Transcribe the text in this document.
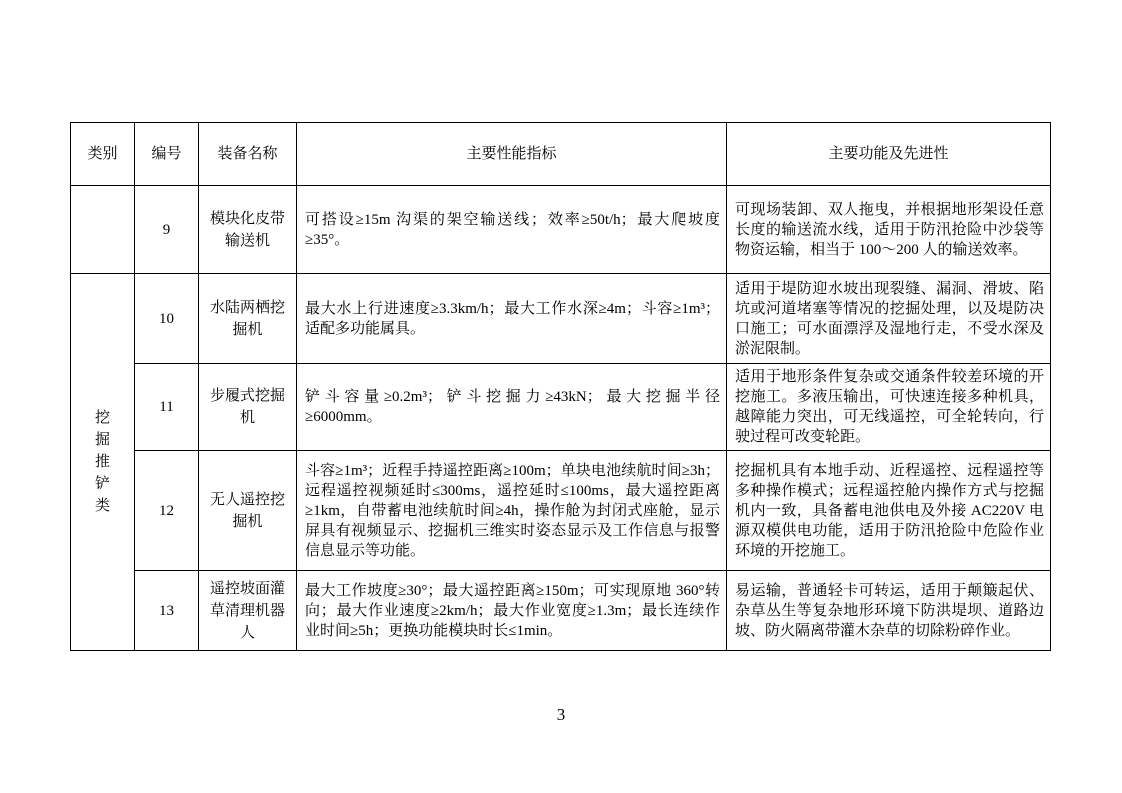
类别	编号	装备名称	主要性能指标	主要功能及先进性
	9	模块化皮带输送机	可搭设≥15m 沟渠的架空输送线；效率≥50t/h；最大爬坡度≥35°。	可现场装卸、双人拖曳，并根据地形架设任意长度的输送流水线，适用于防汛抢险中沙袋等物资运输，相当于 100～200 人的输送效率。

挖掘推铲类	10	水陆两栖挖掘机	最大水上行进速度≥3.3km/h；最大工作水深≥4m；斗容≥1m³；适配多功能属具。	适用于堤防迎水坡出现裂缝、漏洞、滑坡、陷坑或河道堵塞等情况的挖掘处理，以及堤防决口施工；可水面漂浮及湿地行走，不受水深及淤泥限制。
	11	步履式挖掘机	铲斗容量≥0.2m³；铲斗挖掘力≥43kN；最大挖掘半径≥6000mm。	适用于地形条件复杂或交通条件较差环境的开挖施工。多液压输出，可快速连接多种机具，越障能力突出，可无线遥控，可全轮转向，行驶过程可改变轮距。
	12	无人遥控挖掘机	斗容≥1m³；近程手持遥控距离≥100m；单块电池续航时间≥3h；远程遥控视频延时≤300ms，遥控延时≤100ms，最大遥控距离≥1km，自带蓄电池续航时间≥4h，操作舱为封闭式座舱，显示屏具有视频显示、挖掘机三维实时姿态显示及工作信息与报警信息显示等功能。	挖掘机具有本地手动、近程遥控、远程遥控等多种操作模式；远程遥控舱内操作方式与挖掘机内一致，具备蓄电池供电及外接 AC220V 电源双模供电功能，适用于防汛抢险中危险作业环境的开挖施工。
	13	遥控坡面灌草清理机器人	最大工作坡度≥30°；最大遥控距离≥150m；可实现原地 360°转向；最大作业速度≥2km/h；最大作业宽度≥1.3m；最长连续作业时间≥5h；更换功能模块时长≤1min。	易运输，普通轻卡可转运，适用于颠簸起伏、杂草丛生等复杂地形环境下防洪堤坝、道路边坡、防火隔离带灌木杂草的切除粉碎作业。
3
